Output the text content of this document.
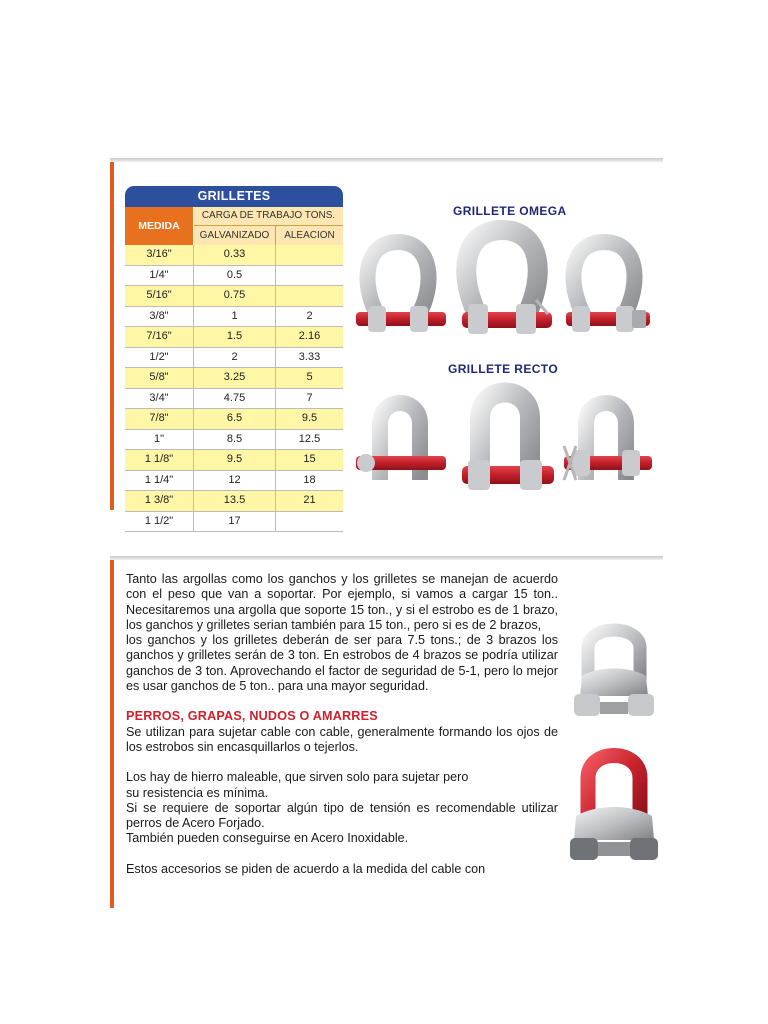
GRILLETES
MEDIDA
CARGA DE TRABAJO TONS.
GALVANIZADO	ALEACION
3/16"	0.33
1/4"	0.5
5/16"	0.75
3/8"	1	2
7/16"	1.5	2.16
1/2"	2	3.33
5/8"	3.25	5
3/4"	4.75	7
7/8"	6.5	9.5
1"	8.5	12.5
1 1/8"	9.5	15
1 1/4"	12	18
1 3/8"	13.5	21
1 1/2"	17
GRILLETE OMEGA
GRILLETE RECTO

Tanto las argollas como los ganchos y los grilletes se manejan de acuerdo con el peso que van a soportar. Por ejemplo, si vamos a cargar 15 ton.. Necesitaremos una argolla que soporte 15 ton., y si el estrobo es de 1 brazo, los ganchos y grilletes serian también para 15 ton., pero si es de 2 brazos,

los ganchos y los grilletes deberán de ser para 7.5 tons.; de 3 brazos los ganchos y grilletes serán de 3 ton. En estrobos de 4 brazos se podría utilizar ganchos de 3 ton. Aprovechando el factor de seguridad de 5-1, pero lo mejor es usar ganchos de 5 ton.. para una mayor seguridad.

PERROS, GRAPAS, NUDOS O AMARRES

Se utilizan para sujetar cable con cable, generalmente formando los ojos de los estrobos sin encasquillarlos o tejerlos.

Los hay de hierro maleable, que sirven solo para sujetar pero

su resistencia es mínima.

Si se requiere de soportar algún tipo de tensión es recomendable utilizar perros de Acero Forjado.

También pueden conseguirse en Acero Inoxidable.

Estos accesorios se piden de acuerdo a la medida del cable con
